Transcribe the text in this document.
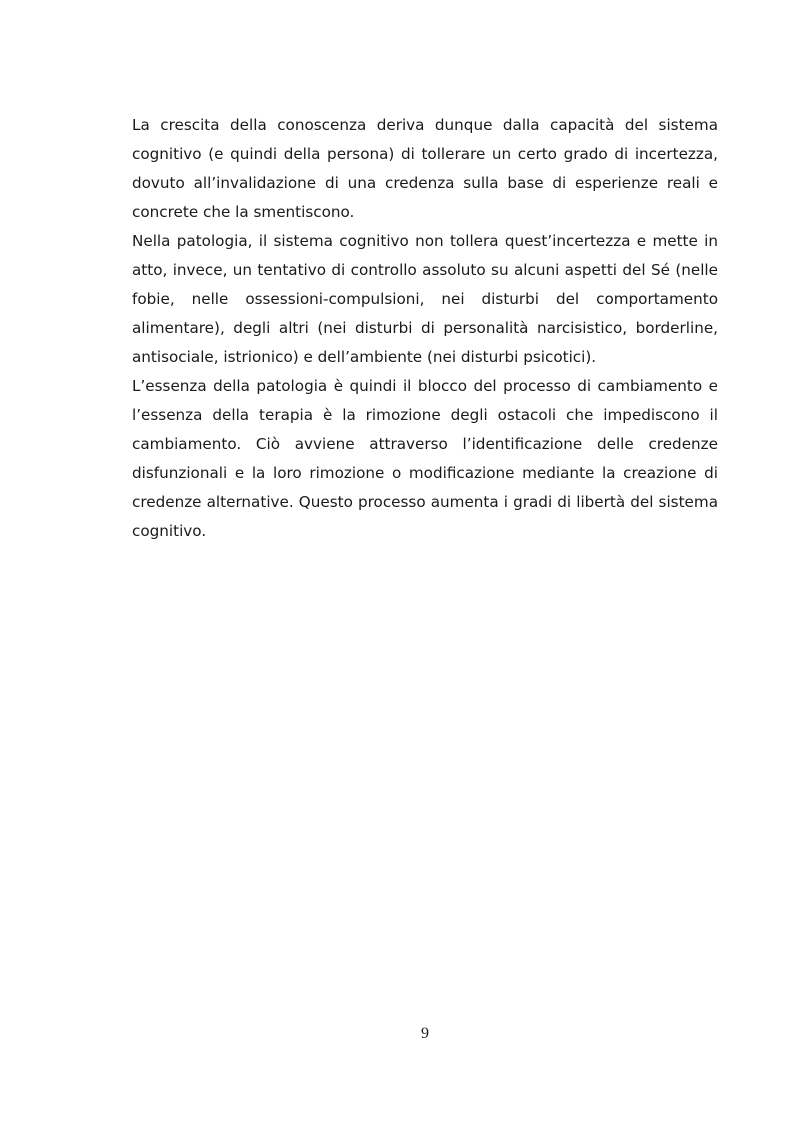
La crescita della conoscenza deriva dunque dalla capacità del sistema cognitivo (e quindi della persona) di tollerare un certo grado di incertezza, dovuto all’invalidazione di una credenza sulla base di esperienze reali e concrete che la smentiscono.

Nella patologia, il sistema cognitivo non tollera quest’incertezza e mette in atto, invece, un tentativo di controllo assoluto su alcuni aspetti del Sé (nelle fobie, nelle ossessioni-compulsioni, nei disturbi del comportamento alimentare), degli altri (nei disturbi di personalità narcisistico, borderline, antisociale, istrionico) e dell’ambiente (nei disturbi psicotici).

L’essenza della patologia è quindi il blocco del processo di cambiamento e l’essenza della terapia è la rimozione degli ostacoli che impediscono il cambiamento. Ciò avviene attraverso l’identificazione delle credenze disfunzionali e la loro rimozione o modificazione mediante la creazione di credenze alternative. Questo processo aumenta i gradi di libertà del sistema cognitivo.

9
